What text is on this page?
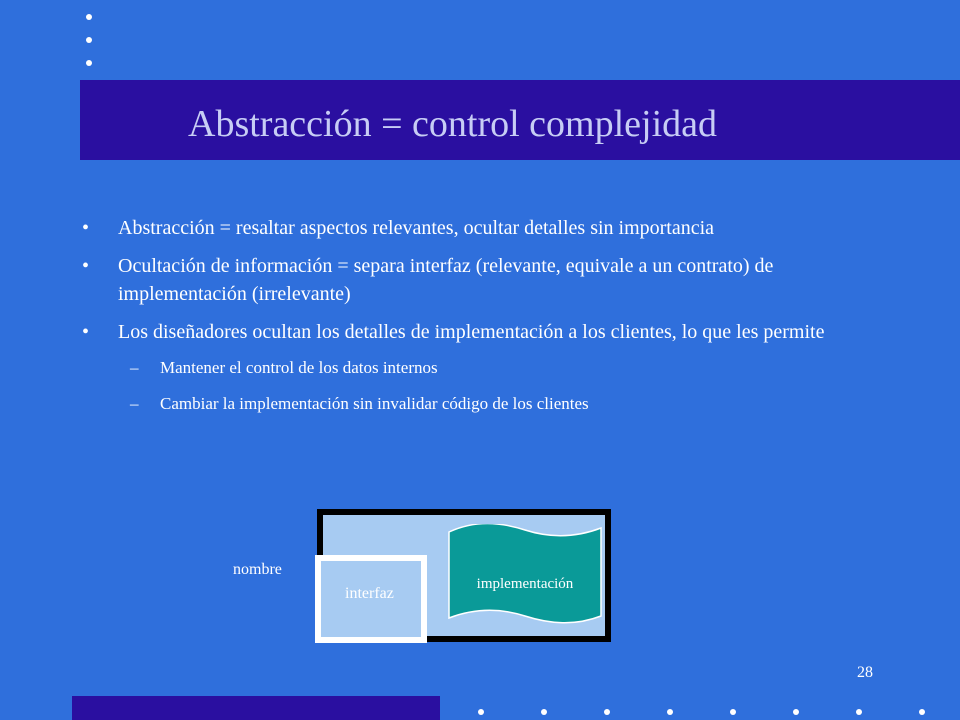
Abstracción = control complejidad
• Abstracción = resaltar aspectos relevantes, ocultar detalles sin importancia
• Ocultación de información = separa interfaz (relevante, equivale a un contrato) de implementación (irrelevante)
• Los diseñadores ocultan los detalles de implementación a los clientes, lo que les permite
– Mantener el control de los datos internos
– Cambiar la implementación sin invalidar código de los clientes
nombre
implementación
interfaz
28
